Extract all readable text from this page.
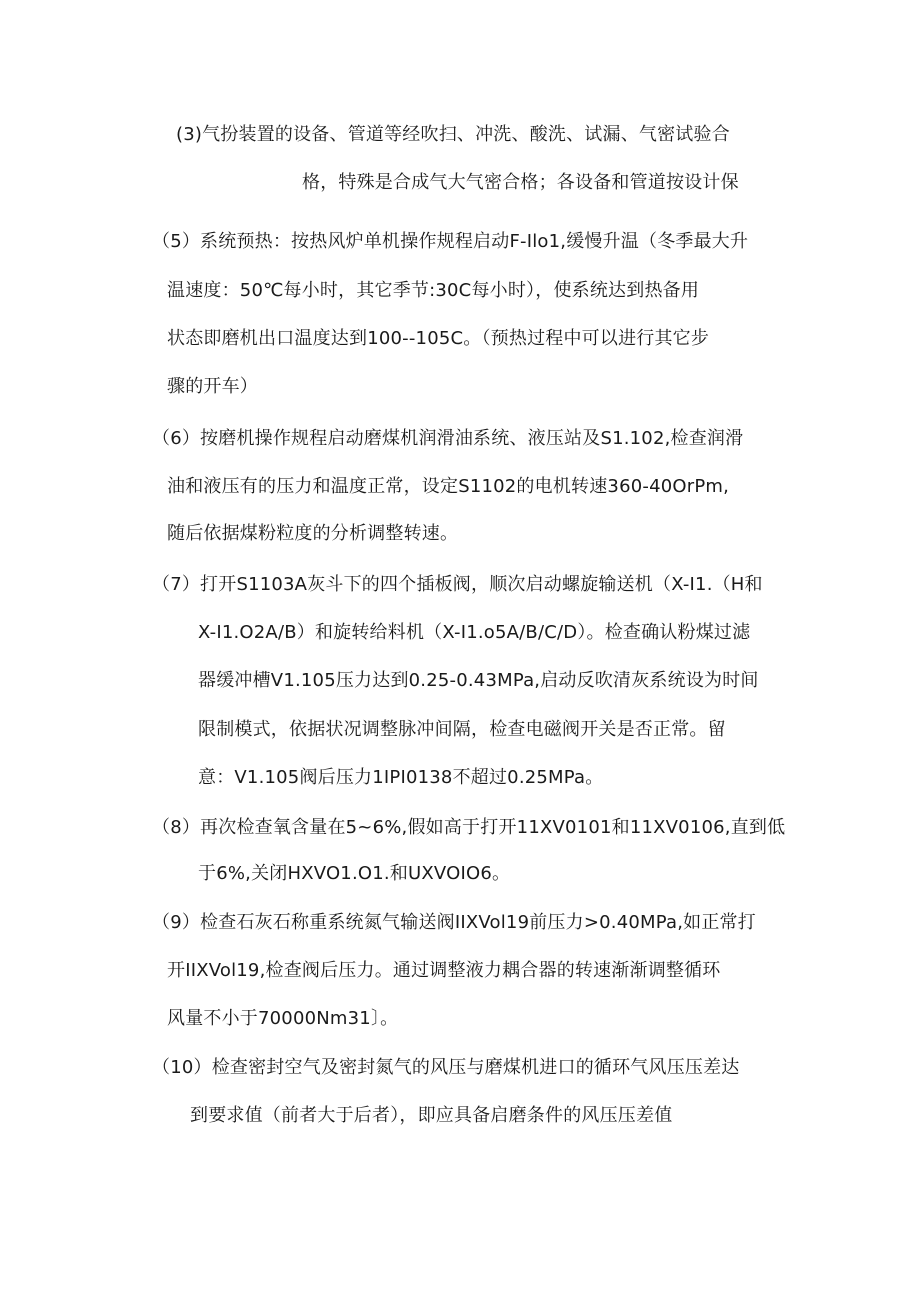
(3)气扮装置的设备、管道等经吹扫、冲洗、酸洗、试漏、气密试验合
格，特殊是合成气大气密合格；各设备和管道按设计保
（5）系统预热：按热风炉单机操作规程启动F-Ilo1,缓慢升温（冬季最大升
温速度：50℃每小时，其它季节:30C每小时），使系统达到热备用
状态即磨机出口温度达到100--105C。（预热过程中可以进行其它步
骤的开车）
（6）按磨机操作规程启动磨煤机润滑油系统、液压站及S1.102,检查润滑
油和液压有的压力和温度正常，设定S1102的电机转速360-40OrPm,
随后依据煤粉粒度的分析调整转速。
（7）打开S1103A灰斗下的四个插板阀，顺次启动螺旋输送机（X-I1.（H和
X-I1.O2A/B）和旋转给料机（X-I1.o5A/B/C/D）。检查确认粉煤过滤
器缓冲槽V1.105压力达到0.25-0.43MPa,启动反吹清灰系统设为时间
限制模式，依据状况调整脉冲间隔，检查电磁阀开关是否正常。留
意：V1.105阀后压力1IPI0138不超过0.25MPa。
（8）再次检查氧含量在5~6%,假如高于打开11XV0101和11XV0106,直到低
于6%,关闭HXVO1.O1.和UXVOIO6。
（9）检查石灰石称重系统氮气输送阀IIXVol19前压力>0.40MPa,如正常打
开IIXVol19,检查阀后压力。通过调整液力耦合器的转速渐渐调整循环
风量不小于70000Nm31〕。
（10）检查密封空气及密封氮气的风压与磨煤机进口的循环气风压压差达
到要求值（前者大于后者），即应具备启磨条件的风压压差值
